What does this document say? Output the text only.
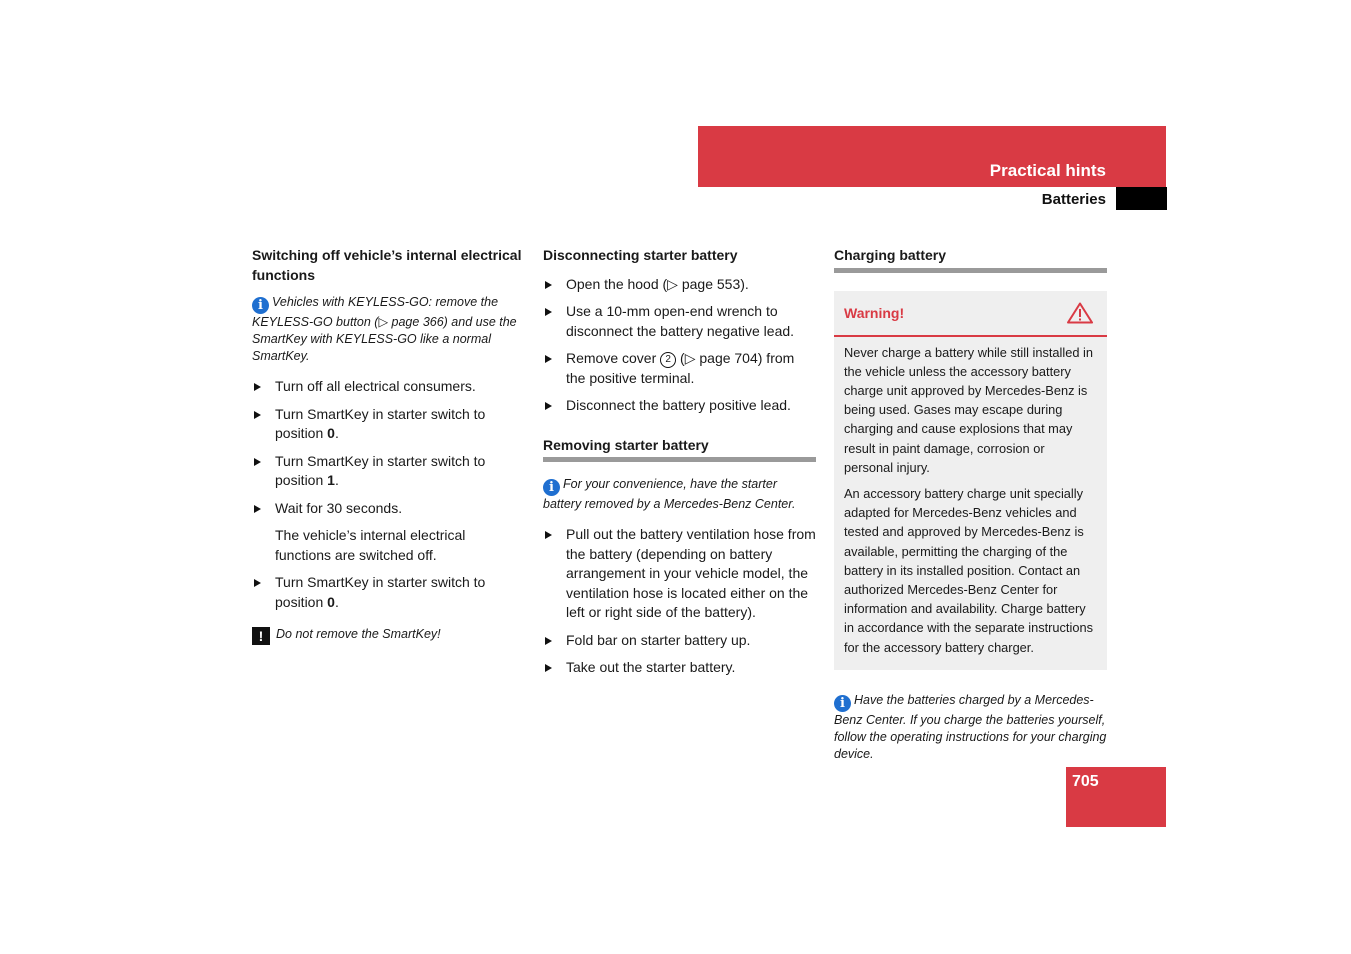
Practical hints
Batteries
Switching off vehicle’s internal electrical functions

i Vehicles with KEYLESS-GO: remove the KEYLESS-GO button (▷ page 366) and use the SmartKey with KEYLESS-GO like a normal SmartKey.

Turn off all electrical consumers.
Turn SmartKey in starter switch to position 0.
Turn SmartKey in starter switch to position 1.
Wait for 30 seconds.

The vehicle’s internal electrical functions are switched off.

Turn SmartKey in starter switch to position 0.

! Do not remove the SmartKey!

Disconnecting starter battery
Open the hood (▷ page 553).
Use a 10-mm open-end wrench to disconnect the battery negative lead.
Remove cover 2 (▷ page 704) from the positive terminal.
Disconnect the battery positive lead.
Removing starter battery

i For your convenience, have the starter battery removed by a Mercedes-Benz Center.

Pull out the battery ventilation hose from the battery (depending on battery arrangement in your vehicle model, the ventilation hose is located either on the left or right side of the battery).
Fold bar on starter battery up.
Take out the starter battery.
Charging battery
Warning!

Never charge a battery while still installed in the vehicle unless the accessory battery charge unit approved by Mercedes-Benz is being used. Gases may escape during charging and cause explosions that may result in paint damage, corrosion or personal injury.

An accessory battery charge unit specially adapted for Mercedes-Benz vehicles and tested and approved by Mercedes-Benz is available, permitting the charging of the battery in its installed position. Contact an authorized Mercedes-Benz Center for information and availability. Charge battery in accordance with the separate instructions for the accessory battery charger.

i Have the batteries charged by a Mercedes-Benz Center. If you charge the batteries yourself, follow the operating instructions for your charging device.

705
